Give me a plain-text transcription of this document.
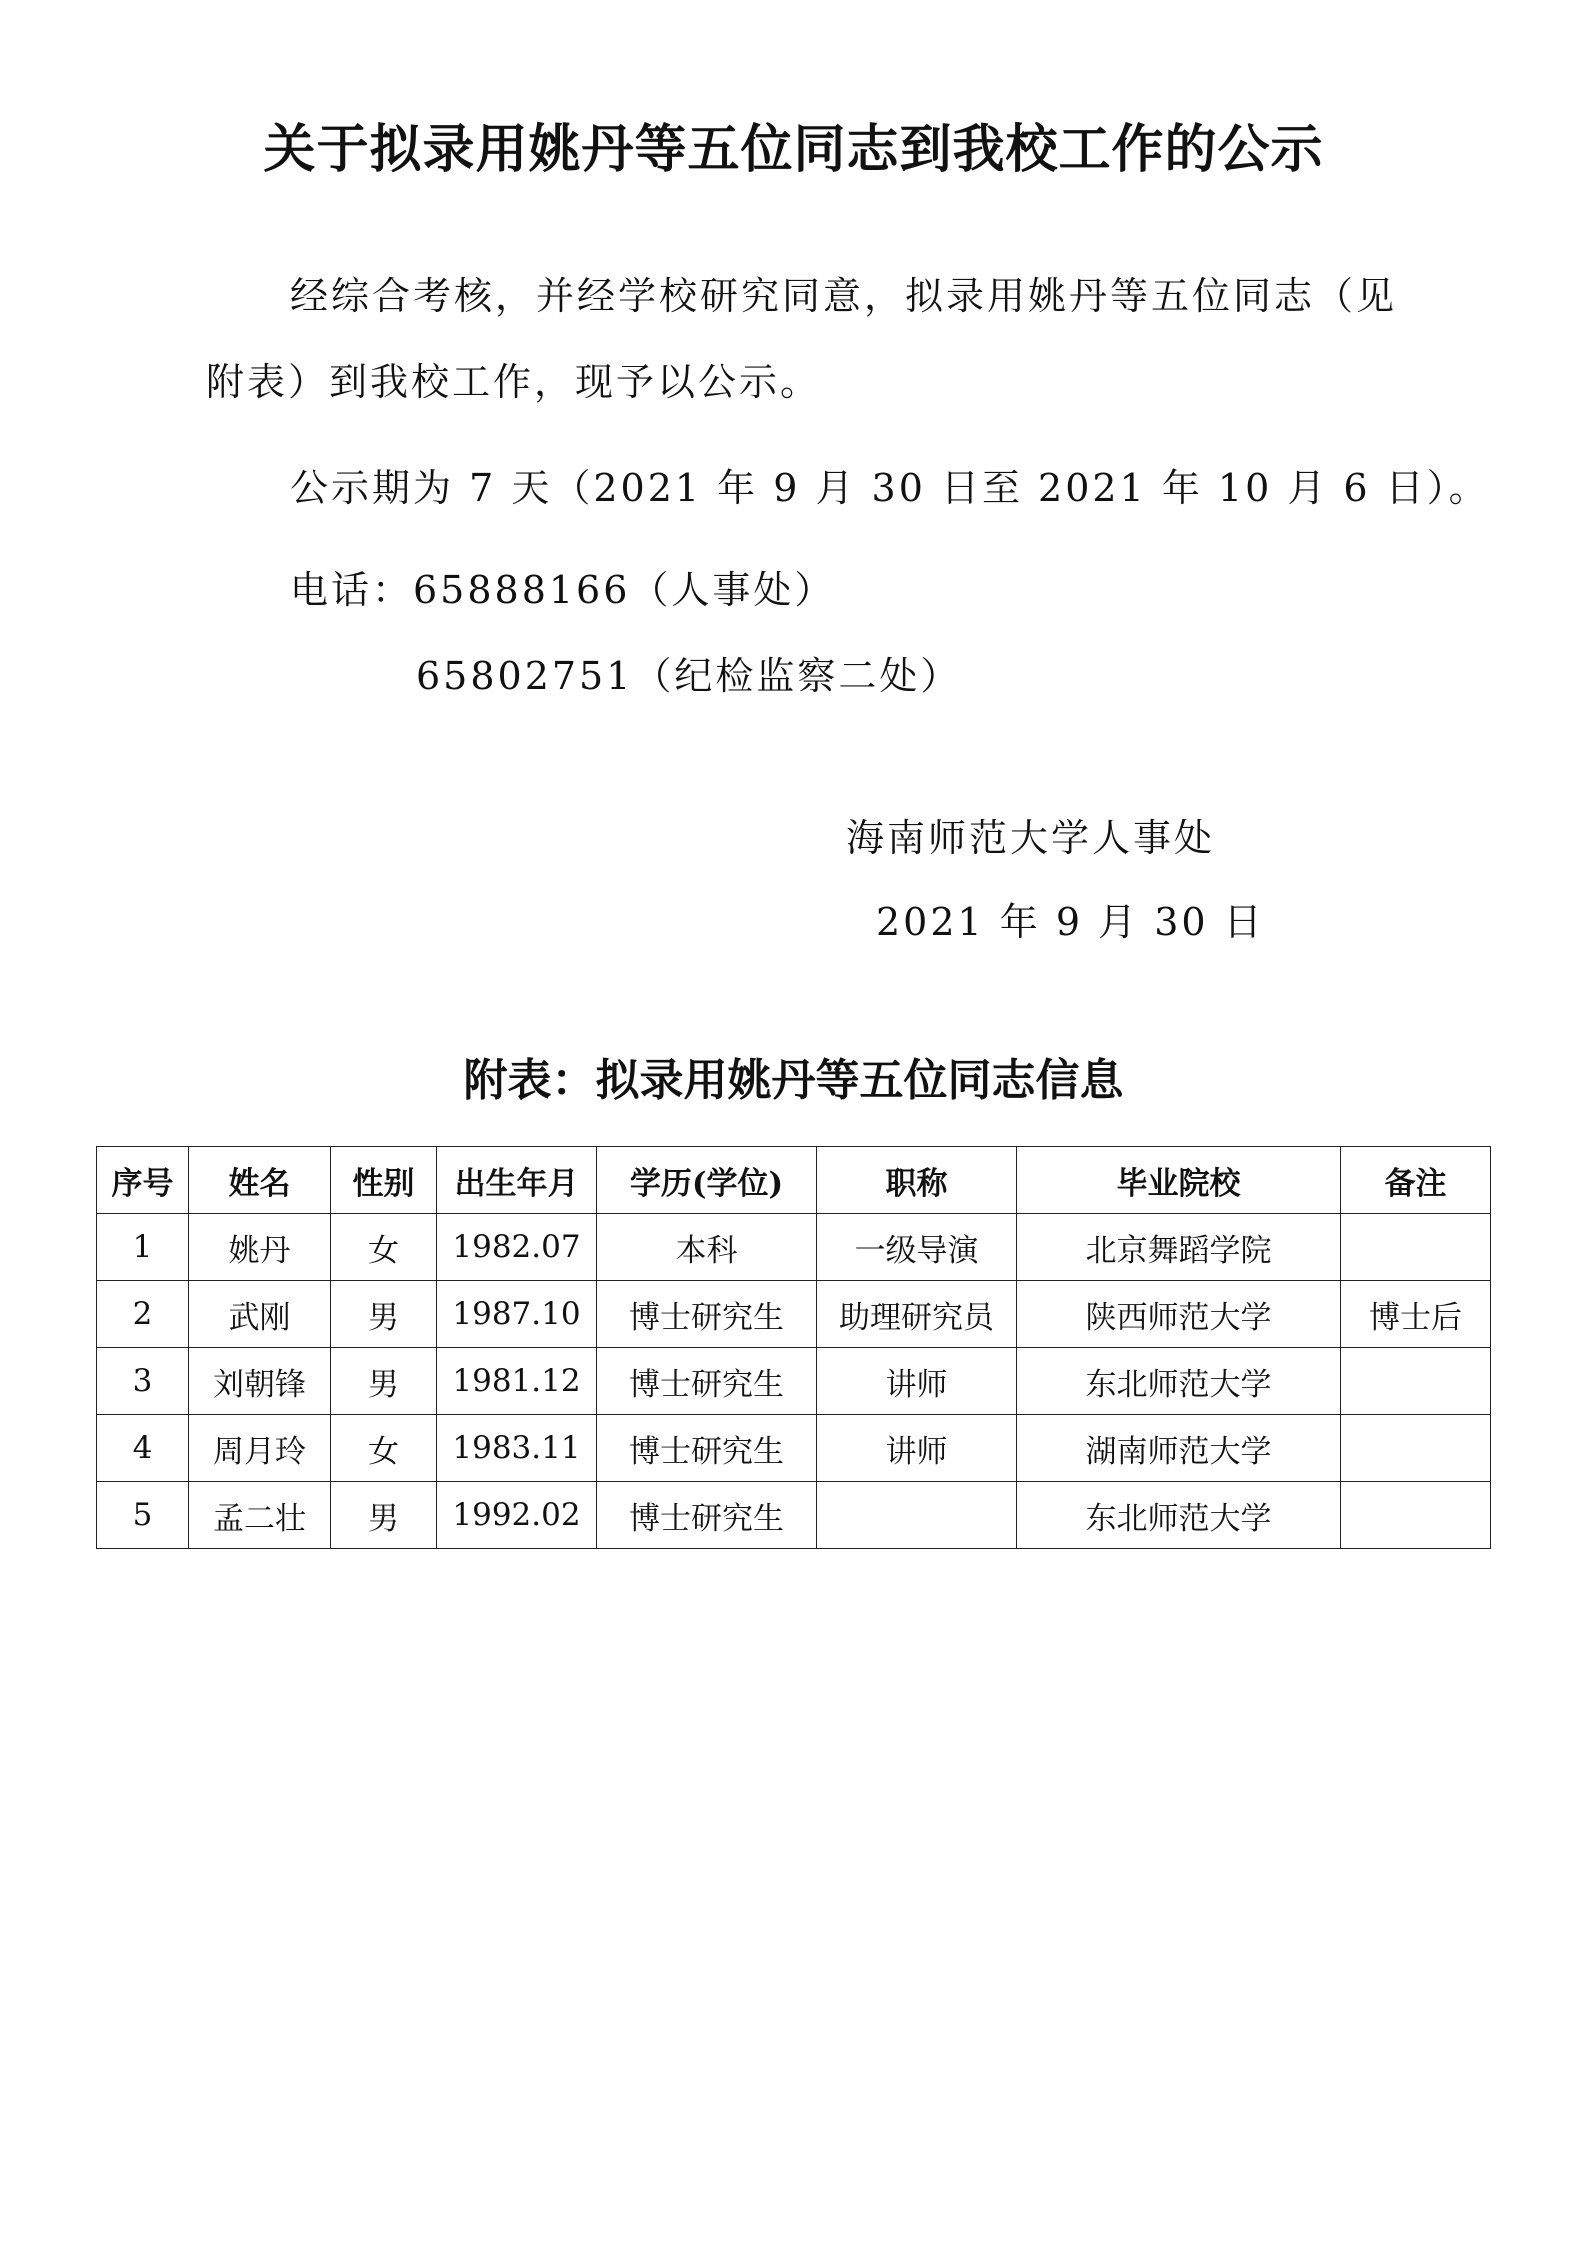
关于拟录用姚丹等五位同志到我校工作的公示

经综合考核，并经学校研究同意，拟录用姚丹等五位同志（见

附表）到我校工作，现予以公示。

公示期为 7 天（2021 年 9 月 30 日至 2021 年 10 月 6 日）。

电话：65888166（人事处）

65802751（纪检监察二处）

海南师范大学人事处

2021 年 9 月 30 日

附表：拟录用姚丹等五位同志信息
序号	姓名	性别	出生年月	学历(学位)	职称	毕业院校	备注
1	姚丹	女	1982.07	本科	一级导演	北京舞蹈学院	
2	武刚	男	1987.10	博士研究生	助理研究员	陕西师范大学	博士后
3	刘朝锋	男	1981.12	博士研究生	讲师	东北师范大学	
4	周月玲	女	1983.11	博士研究生	讲师	湖南师范大学	
5	孟二壮	男	1992.02	博士研究生		东北师范大学	
